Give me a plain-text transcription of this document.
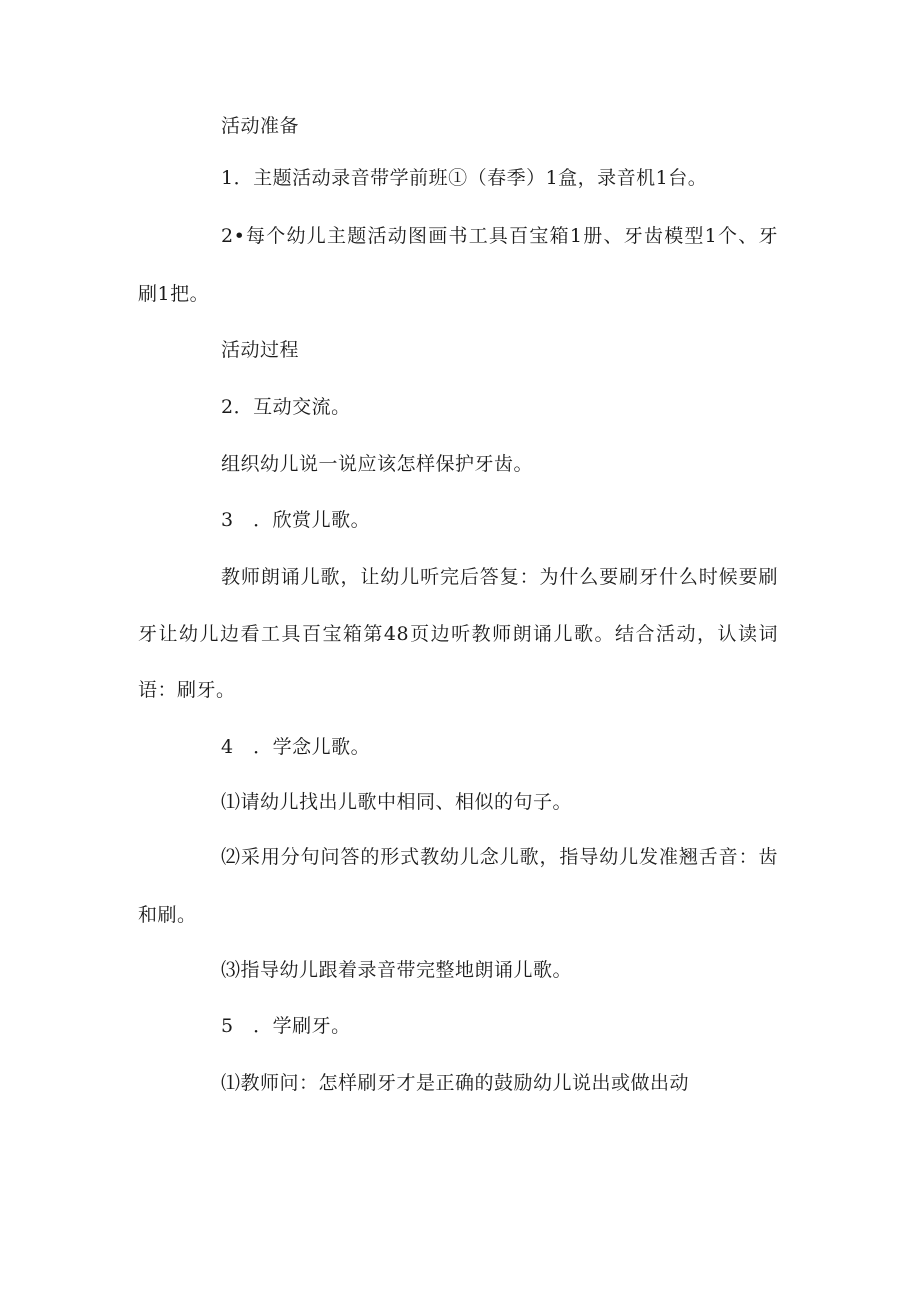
活动准备
1．主题活动录音带学前班①（春季）1盒，录音机1台。
2•每个幼儿主题活动图画书工具百宝箱1册、牙齿模型1个、牙
刷1把。
活动过程
2．互动交流。
组织幼儿说一说应该怎样保护牙齿。
3　．欣赏儿歌。
教师朗诵儿歌，让幼儿听完后答复：为什么要刷牙什么时候要刷
牙让幼儿边看工具百宝箱第48页边听教师朗诵儿歌。结合活动，认读词
语：刷牙。
4　．学念儿歌。
⑴请幼儿找出儿歌中相同、相似的句子。
⑵采用分句问答的形式教幼儿念儿歌，指导幼儿发准翘舌音：齿
和刷。
⑶指导幼儿跟着录音带完整地朗诵儿歌。
5　．学刷牙。
⑴教师问：怎样刷牙才是正确的鼓励幼儿说出或做出动
